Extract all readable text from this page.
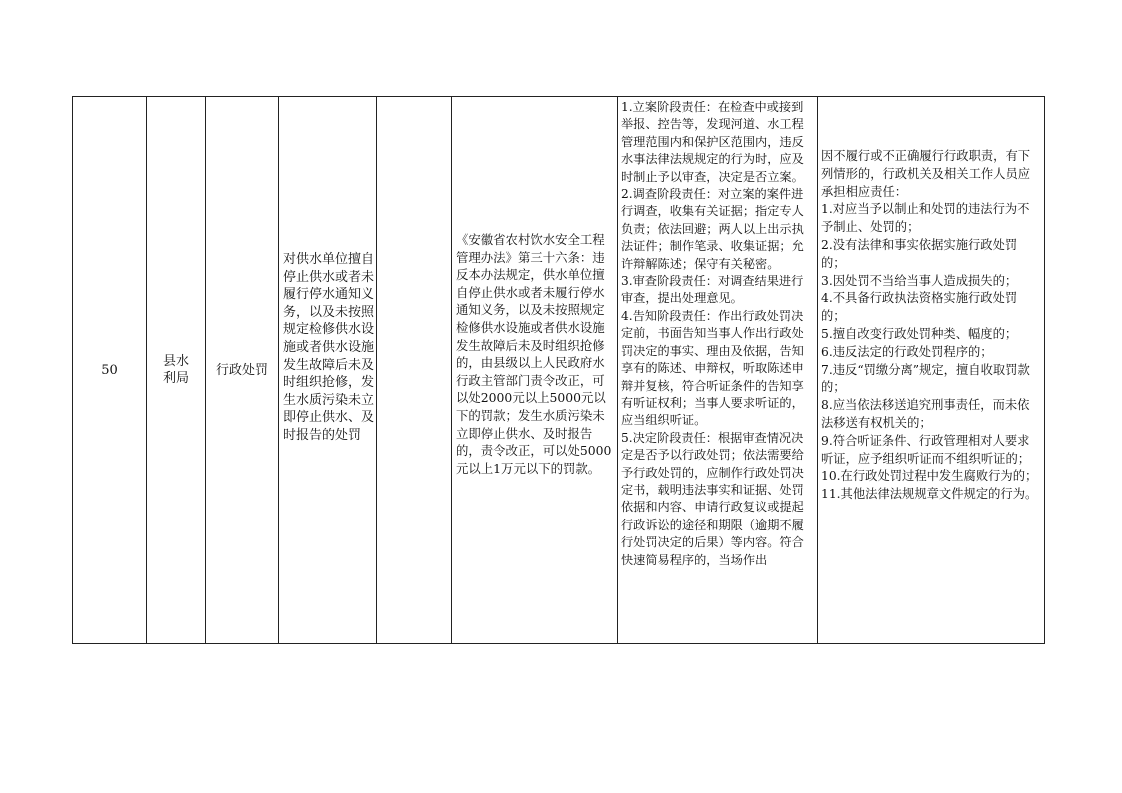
50
县水利局
行政处罚
对供水单位擅自停止供水或者未履行停水通知义务，以及未按照规定检修供水设施或者供水设施发生故障后未及时组织抢修，发生水质污染未立即停止供水、及时报告的处罚
《安徽省农村饮水安全工程管理办法》第三十六条：违反本办法规定，供水单位擅自停止供水或者未履行停水通知义务，以及未按照规定检修供水设施或者供水设施发生故障后未及时组织抢修的，由县级以上人民政府水行政主管部门责令改正，可以处2000元以上5000元以下的罚款；发生水质污染未立即停止供水、及时报告的，责令改正，可以处5000元以上1万元以下的罚款。

1.立案阶段责任：在检查中或接到举报、控告等，发现河道、水工程管理范围内和保护区范围内，违反水事法律法规规定的行为时，应及时制止予以审查，决定是否立案。

2.调查阶段责任：对立案的案件进行调查，收集有关证据；指定专人负责；依法回避；两人以上出示执法证件；制作笔录、收集证据；允许辩解陈述；保守有关秘密。

3.审查阶段责任：对调查结果进行审查，提出处理意见。

4.告知阶段责任：作出行政处罚决定前，书面告知当事人作出行政处罚决定的事实、理由及依据，告知享有的陈述、申辩权，听取陈述申辩并复核，符合听证条件的告知享有听证权利；当事人要求听证的，应当组织听证。

5.决定阶段责任：根据审查情况决定是否予以行政处罚；依法需要给予行政处罚的，应制作行政处罚决定书，载明违法事实和证据、处罚依据和内容、申请行政复议或提起行政诉讼的途径和期限（逾期不履行处罚决定的后果）等内容。符合快速简易程序的，当场作出

因不履行或不正确履行行政职责，有下列情形的，行政机关及相关工作人员应承担相应责任：

1.对应当予以制止和处罚的违法行为不予制止、处罚的；

2.没有法律和事实依据实施行政处罚的；

3.因处罚不当给当事人造成损失的；

4.不具备行政执法资格实施行政处罚的；

5.擅自改变行政处罚种类、幅度的；

6.违反法定的行政处罚程序的；

7.违反“罚缴分离”规定，擅自收取罚款的；

8.应当依法移送追究刑事责任，而未依法移送有权机关的；

9.符合听证条件、行政管理相对人要求听证，应予组织听证而不组织听证的；

10.在行政处罚过程中发生腐败行为的；

11.其他法律法规规章文件规定的行为。
